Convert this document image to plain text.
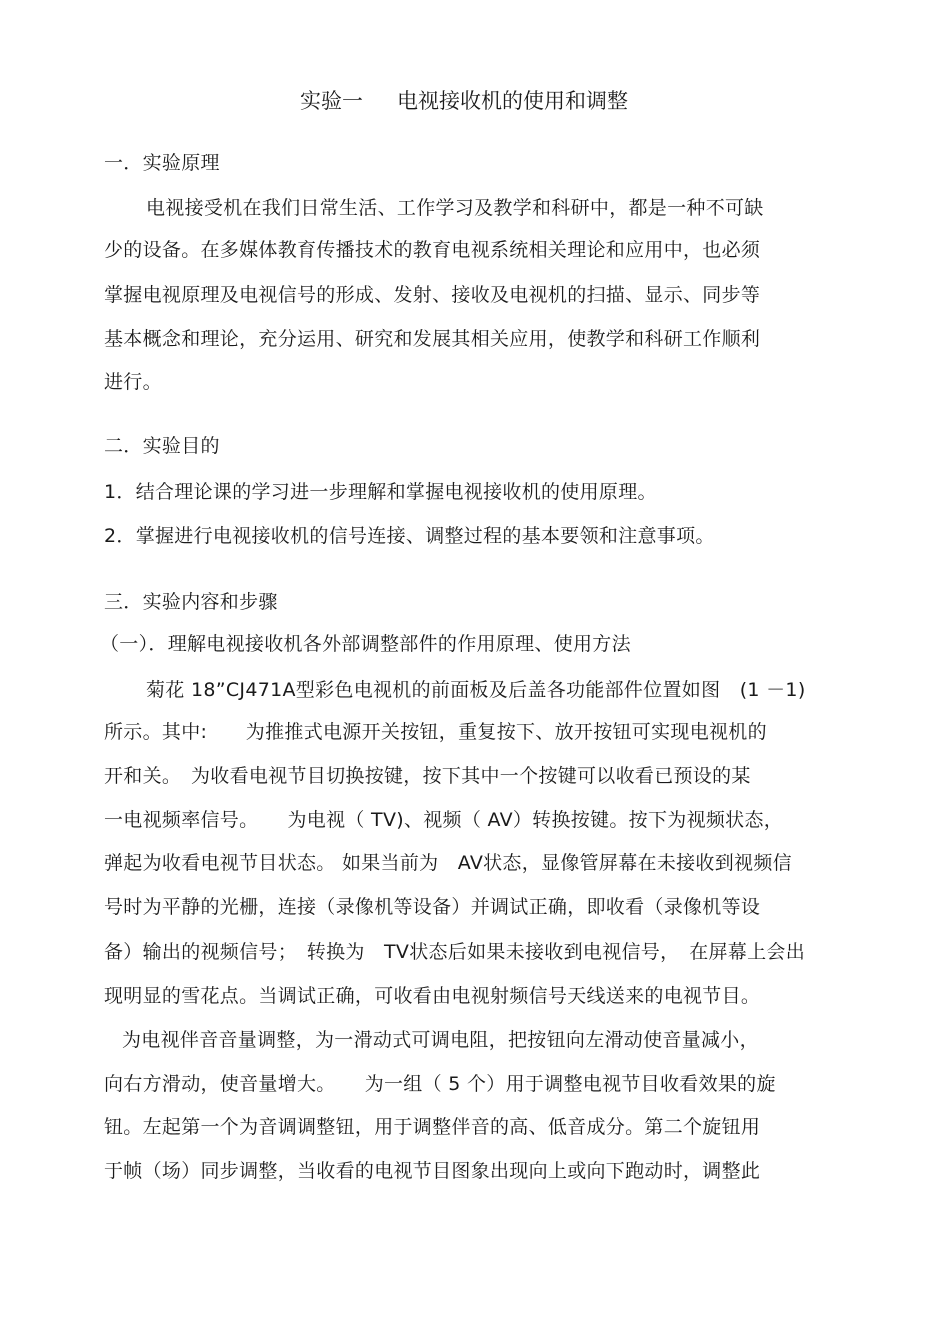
实验一 电视接收机的使用和调整
一．实验原理
电视接受机在我们日常生活、工作学习及教学和科研中，都是一种不可缺
少的设备。在多媒体教育传播技术的教育电视系统相关理论和应用中，也必须
掌握电视原理及电视信号的形成、发射、接收及电视机的扫描、显示、同步等
基本概念和理论，充分运用、研究和发展其相关应用，使教学和科研工作顺利
进行。
二．实验目的
1．结合理论课的学习进一步理解和掌握电视接收机的使用原理。
2．掌握进行电视接收机的信号连接、调整过程的基本要领和注意事项。
三．实验内容和步骤
（一）．理解电视接收机各外部调整部件的作用原理、使用方法
菊花 18”CJ471A型彩色电视机的前面板及后盖各功能部件位置如图　(1 －1)
所示。其中:　　为推推式电源开关按钮，重复按下、放开按钮可实现电视机的
开和关。　为收看电视节目切换按键，按下其中一个按键可以收看已预设的某
一电视频率信号。　　为电视（ TV)、视频（ AV）转换按键。按下为视频状态，
弹起为收看电视节目状态。 如果当前为　AV状态，显像管屏幕在未接收到视频信
号时为平静的光栅，连接（录像机等设备）并调试正确，即收看（录像机等设
备）输出的视频信号；　转换为　TV状态后如果未接收到电视信号，　在屏幕上会出
现明显的雪花点。当调试正确，可收看由电视射频信号天线送来的电视节目。
为电视伴音音量调整，为一滑动式可调电阻，把按钮向左滑动使音量减小，
向右方滑动，使音量增大。　　为一组（ 5 个）用于调整电视节目收看效果的旋
钮。左起第一个为音调调整钮，用于调整伴音的高、低音成分。第二个旋钮用
于帧（场）同步调整，当收看的电视节目图象出现向上或向下跑动时，调整此
